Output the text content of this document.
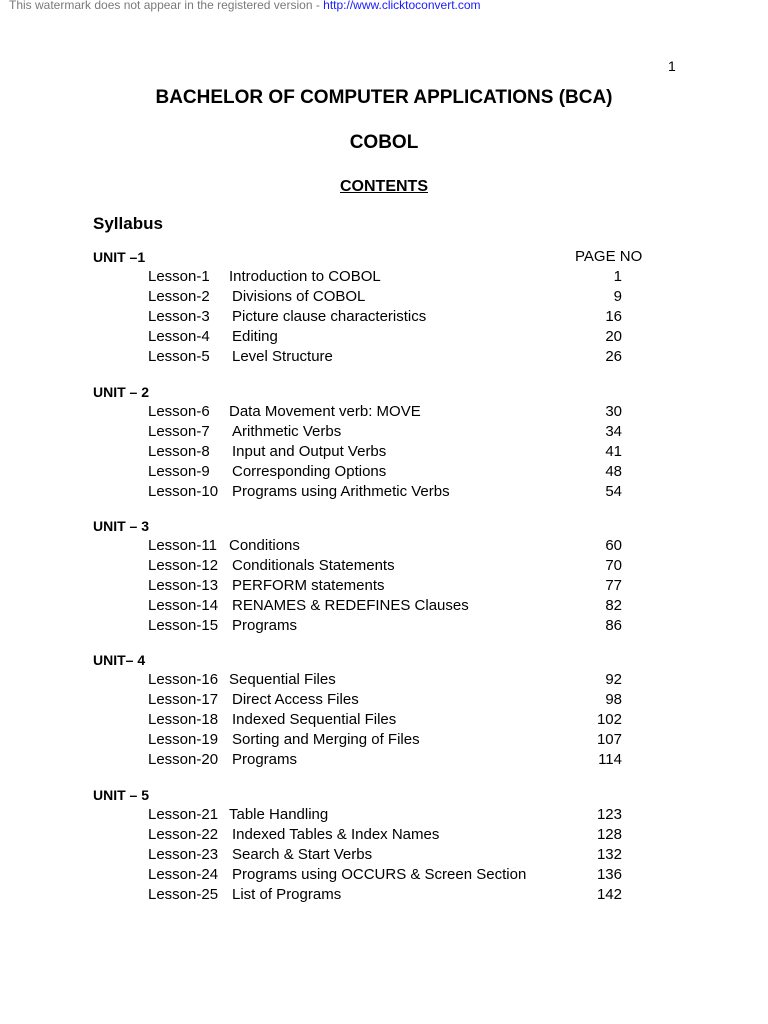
This watermark does not appear in the registered version - http://www.clicktoconvert.com
1
BACHELOR OF COMPUTER APPLICATIONS (BCA)
COBOL
CONTENTS
Syllabus
PAGE NO
UNIT –1
Lesson-1 Introduction to COBOL	1
Lesson-2 Divisions of COBOL	9
Lesson-3 Picture clause characteristics	16
Lesson-4 Editing	20
Lesson-5 Level Structure	26
UNIT – 2
Lesson-6 Data Movement verb: MOVE	30
Lesson-7 Arithmetic Verbs	34
Lesson-8 Input and Output Verbs	41
Lesson-9 Corresponding Options	48
Lesson-10 Programs using Arithmetic Verbs	54
UNIT – 3
Lesson-11 Conditions	60
Lesson-12 Conditionals Statements	70
Lesson-13 PERFORM statements	77
Lesson-14 RENAMES & REDEFINES Clauses	82
Lesson-15 Programs	86
UNIT– 4
Lesson-16 Sequential Files	92
Lesson-17 Direct Access Files	98
Lesson-18 Indexed Sequential Files	102
Lesson-19 Sorting and Merging of Files	107
Lesson-20 Programs	114
UNIT – 5
Lesson-21 Table Handling	123
Lesson-22 Indexed Tables & Index Names	128
Lesson-23 Search & Start Verbs	132
Lesson-24 Programs using OCCURS & Screen Section	136
Lesson-25 List of Programs	142
